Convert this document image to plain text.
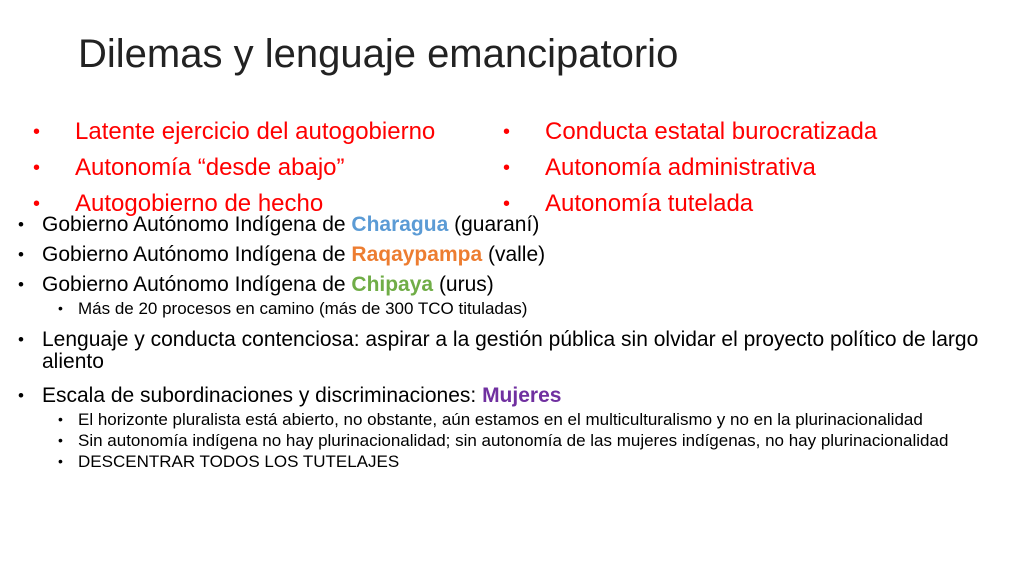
Dilemas y lenguaje emancipatorio
•	Latente ejercicio del autogobierno
•	Autonomía “desde abajo”
•	Autogobierno de hecho
•	Conducta estatal burocratizada
•	Autonomía administrativa
•	Autonomía tutelada
• Gobierno Autónomo Indígena de Charagua (guaraní)
• Gobierno Autónomo Indígena de Raqaypampa (valle)
• Gobierno Autónomo Indígena de Chipaya (urus)
• Más de 20 procesos en camino (más de 300 TCO tituladas)
• Lenguaje y conducta contenciosa: aspirar a la gestión pública sin olvidar el proyecto político de largo aliento
• Escala de subordinaciones y discriminaciones: Mujeres
• El horizonte pluralista está abierto, no obstante, aún estamos en el multiculturalismo y no en la plurinacionalidad
• Sin autonomía indígena no hay plurinacionalidad; sin autonomía de las mujeres indígenas, no hay plurinacionalidad
• DESCENTRAR TODOS LOS TUTELAJES
